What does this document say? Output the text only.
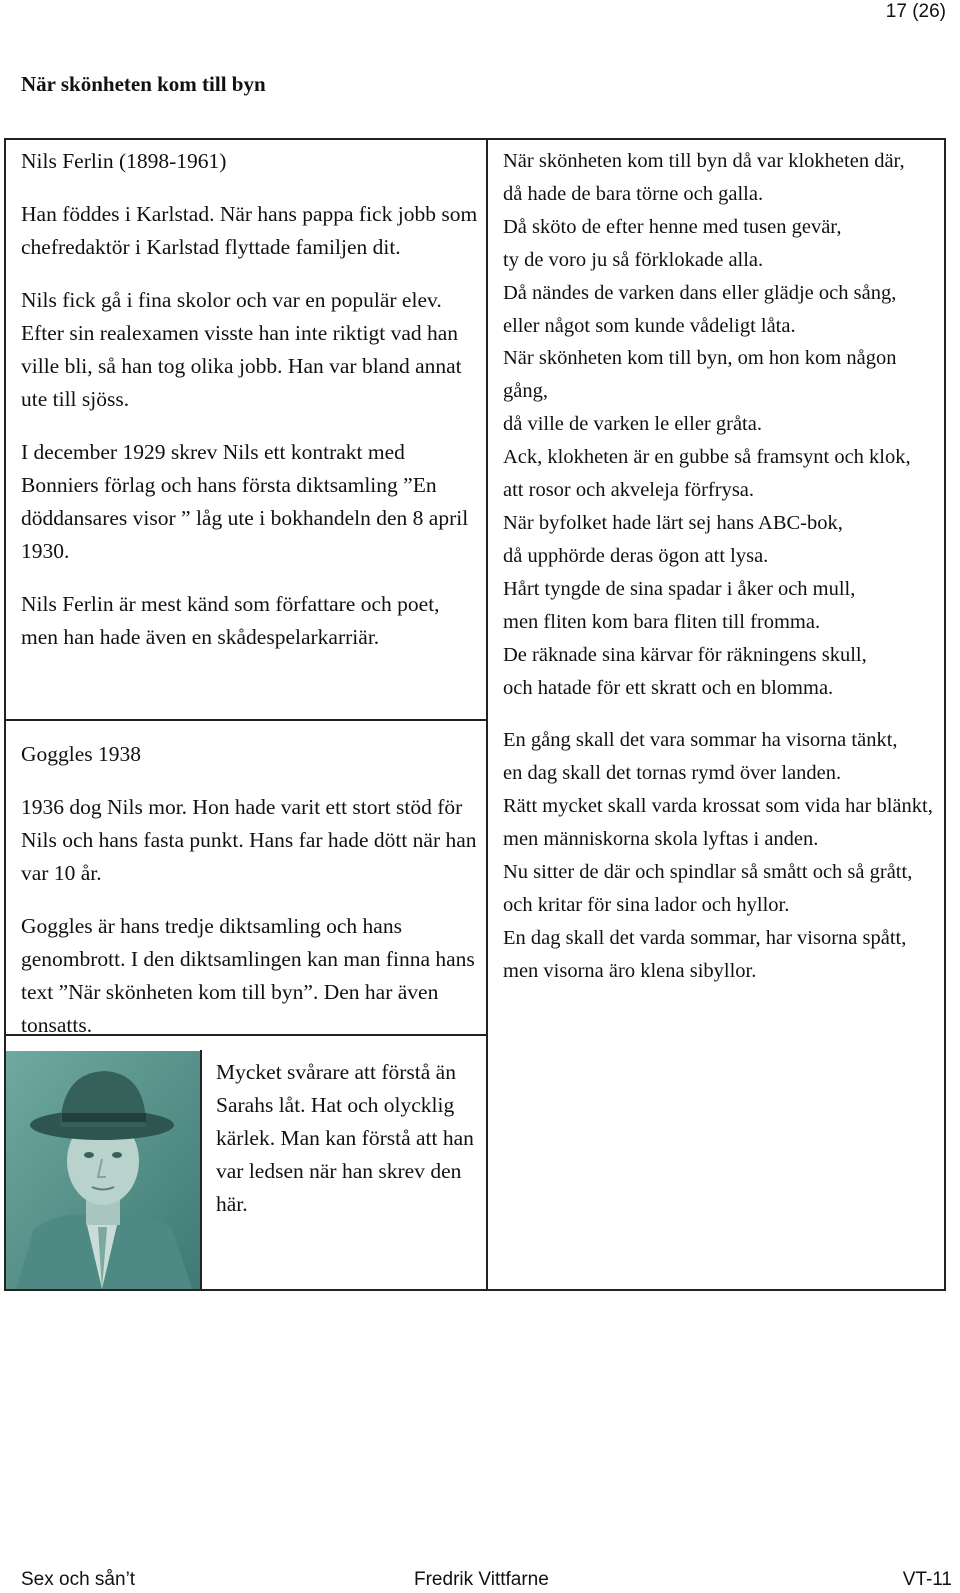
17 (26)
När skönheten kom till byn

Nils Ferlin (1898-1961)

Han föddes i Karlstad. När hans pappa fick jobb som chefredaktör i Karlstad flyttade familjen dit.

Nils fick gå i fina skolor och var en populär elev. Efter sin realexamen visste han inte riktigt vad han ville bli, så han tog olika jobb. Han var bland annat ute till sjöss.

I december 1929 skrev Nils ett kontrakt med Bonniers förlag och hans första diktsamling ”En döddansares visor ” låg ute i bokhandeln den 8 april 1930.

Nils Ferlin är mest känd som författare och poet, men han hade även en skådespelarkarriär.

Goggles 1938

1936 dog Nils mor. Hon hade varit ett stort stöd för Nils och hans fasta punkt. Hans far hade dött när han var 10 år.

Goggles är hans tredje diktsamling och hans genombrott. I den diktsamlingen kan man finna hans text ”När skönheten kom till byn”. Den har även tonsatts.

Mycket svårare att förstå än Sarahs låt. Hat och olycklig kärlek. Man kan förstå att han var ledsen när han skrev den här.
När skönheten kom till byn då var klokheten där,
då hade de bara törne och galla.
Då sköto de efter henne med tusen gevär,
ty de voro ju så förklokade alla.
Då nändes de varken dans eller glädje och sång,
eller något som kunde vådeligt låta.
När skönheten kom till byn, om hon kom någon gång,
då ville de varken le eller gråta.
Ack, klokheten är en gubbe så framsynt och klok,
att rosor och akveleja förfrysa.
När byfolket hade lärt sej hans ABC-bok,
då upphörde deras ögon att lysa.
Hårt tyngde de sina spadar i åker och mull,
men fliten kom bara fliten till fromma.
De räknade sina kärvar för räkningens skull,
och hatade för ett skratt och en blomma.
En gång skall det vara sommar ha visorna tänkt,
en dag skall det tornas rymd över landen.
Rätt mycket skall varda krossat som vida har blänkt,
men människorna skola lyftas i anden.
Nu sitter de där och spindlar så smått och så grått,
och kritar för sina lador och hyllor.
En dag skall det varda sommar, har visorna spått,
men visorna äro klena sibyllor.
Sex och sån’t	Fredrik Vittfarne	VT-11
